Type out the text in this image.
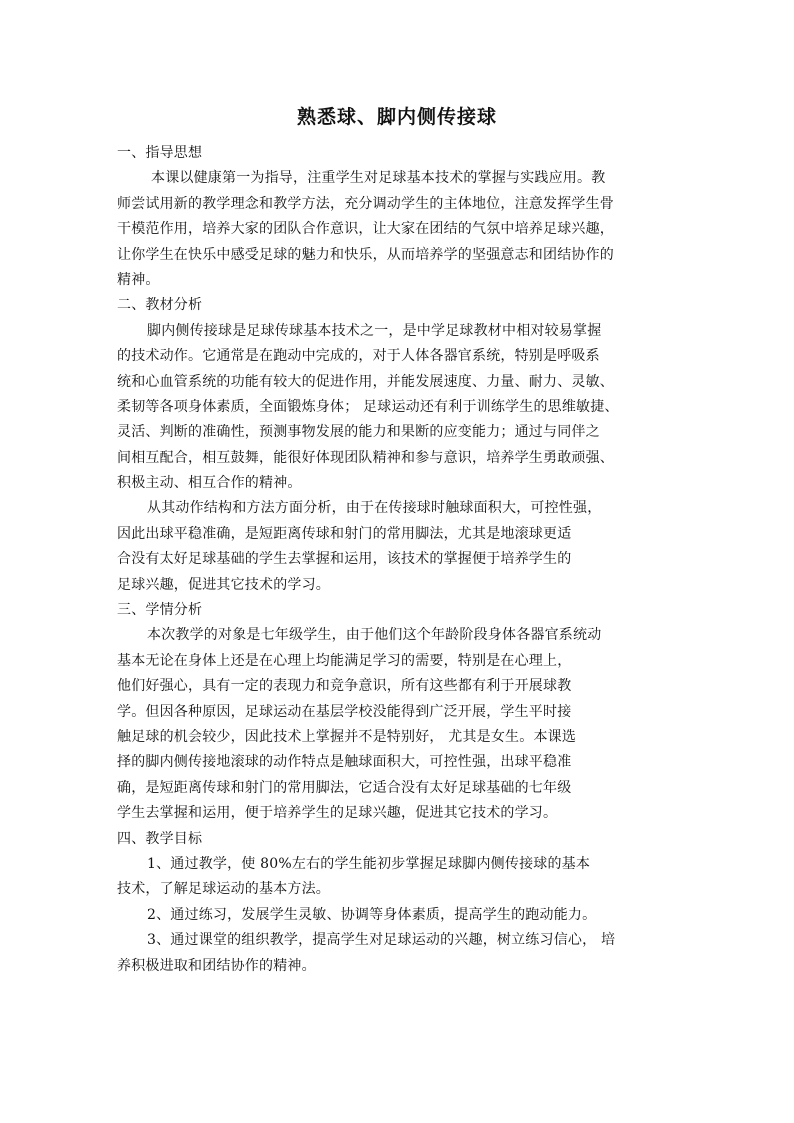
熟悉球、脚内侧传接球
一、指导思想
本课以健康第一为指导，注重学生对足球基本技术的掌握与实践应用。教
师尝试用新的教学理念和教学方法，充分调动学生的主体地位，注意发挥学生骨
干模范作用，培养大家的团队合作意识，让大家在团结的气氛中培养足球兴趣，
让你学生在快乐中感受足球的魅力和快乐，从而培养学的坚强意志和团结协作的
精神。
二、教材分析
脚内侧传接球是足球传球基本技术之一，是中学足球教材中相对较易掌握
的技术动作。它通常是在跑动中完成的，对于人体各器官系统，特别是呼吸系
统和心血管系统的功能有较大的促进作用，并能发展速度、力量、耐力、灵敏、
柔韧等各项身体素质，全面锻炼身体； 足球运动还有利于训练学生的思维敏捷、
灵活、判断的准确性，预测事物发展的能力和果断的应变能力；通过与同伴之
间相互配合，相互鼓舞，能很好体现团队精神和参与意识，培养学生勇敢顽强、
积极主动、相互合作的精神。
从其动作结构和方法方面分析，由于在传接球时触球面积大，可控性强，
因此出球平稳准确，是短距离传球和射门的常用脚法，尤其是地滚球更适
合没有太好足球基础的学生去掌握和运用，该技术的掌握便于培养学生的
足球兴趣，促进其它技术的学习。
三、学情分析
本次教学的对象是七年级学生，由于他们这个年龄阶段身体各器官系统动
基本无论在身体上还是在心理上均能满足学习的需要，特别是在心理上，
他们好强心，具有一定的表现力和竞争意识，所有这些都有利于开展球教
学。但因各种原因，足球运动在基层学校没能得到广泛开展，学生平时接
触足球的机会较少，因此技术上掌握并不是特别好， 尤其是女生。本课选
择的脚内侧传接地滚球的动作特点是触球面积大，可控性强，出球平稳准
确，是短距离传球和射门的常用脚法，它适合没有太好足球基础的七年级
学生去掌握和运用，便于培养学生的足球兴趣，促进其它技术的学习。
四、教学目标
1、通过教学，使 80%左右的学生能初步掌握足球脚内侧传接球的基本
技术，了解足球运动的基本方法。
2、通过练习，发展学生灵敏、协调等身体素质，提高学生的跑动能力。
3、通过课堂的组织教学，提高学生对足球运动的兴趣，树立练习信心， 培
养积极进取和团结协作的精神。
